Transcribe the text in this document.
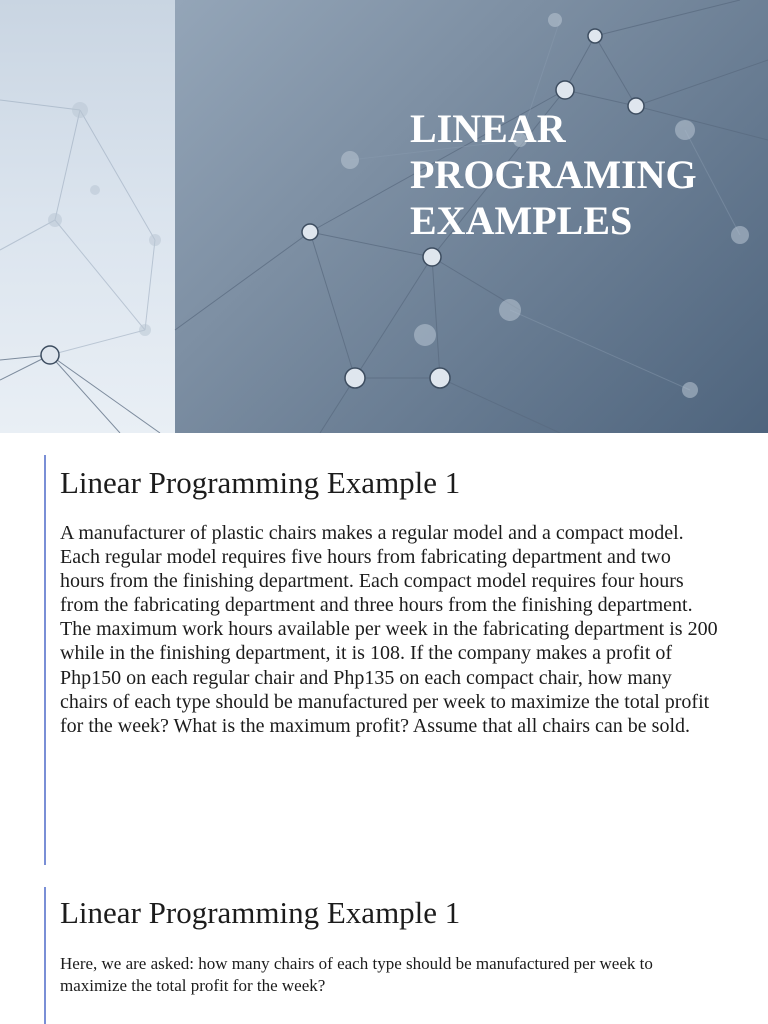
LINEAR
PROGRAMING
EXAMPLES
Linear Programming Example 1

A manufacturer of plastic chairs makes a regular model and a compact model. Each regular model requires five hours from fabricating department and two hours from the finishing department. Each compact model requires four hours from the fabricating department and three hours from the finishing department. The maximum work hours available per week in the fabricating department is 200 while in the finishing department, it is 108. If the company makes a profit of Php150 on each regular chair and Php135 on each compact chair, how many chairs of each type should be manufactured per week to maximize the total profit for the week? What is the maximum profit? Assume that all chairs can be sold.

Linear Programming Example 1

Here, we are asked: how many chairs of each type should be manufactured per week to maximize the total profit for the week?
